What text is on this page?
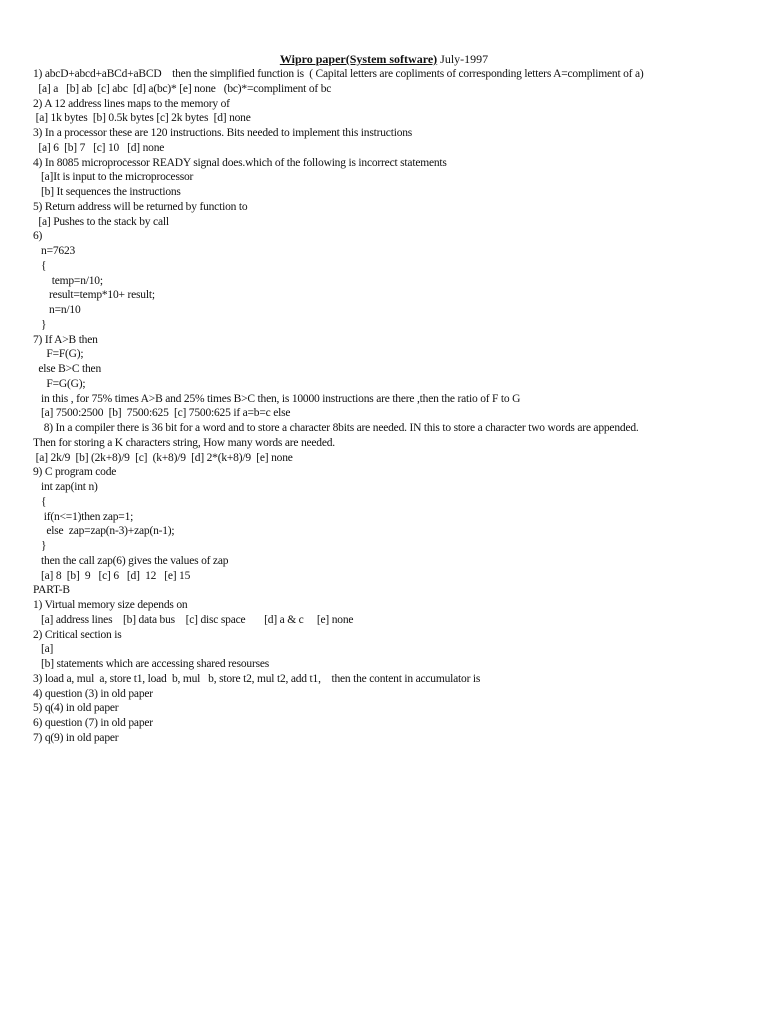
Wipro paper(System software) July-1997
1) abcD+abcd+aBCd+aBCD    then the simplified function is  ( Capital letters are copliments of corresponding letters A=compliment of a)
[a] a   [b] ab  [c] abc  [d] a(bc)* [e] none   (bc)*=compliment of bc
2) A 12 address lines maps to the memory of
[a] 1k bytes  [b] 0.5k bytes [c] 2k bytes  [d] none
3) In a processor these are 120 instructions. Bits needed to implement this instructions
[a] 6  [b] 7   [c] 10   [d] none
4) In 8085 microprocessor READY signal does.which of the following is incorrect statements
[a]It is input to the microprocessor
[b] It sequences the instructions
5) Return address will be returned by function to
[a] Pushes to the stack by call
6)
n=7623
{
temp=n/10;
result=temp*10+ result;
n=n/10
}
7) If A>B then
F=F(G);
else B>C then
F=G(G);
in this , for 75% times A>B and 25% times B>C then, is 10000 instructions are there ,then the ratio of F to G
[a] 7500:2500  [b]  7500:625  [c] 7500:625 if a=b=c else
8) In a compiler there is 36 bit for a word and to store a character 8bits are needed. IN this to store a character two words are appended.
Then for storing a K characters string, How many words are needed.
[a] 2k/9  [b] (2k+8)/9  [c]  (k+8)/9  [d] 2*(k+8)/9  [e] none
9) C program code
int zap(int n)
{
if(n<=1)then zap=1;
else  zap=zap(n-3)+zap(n-1);
}
then the call zap(6) gives the values of zap
[a] 8  [b]  9   [c] 6   [d]  12   [e] 15
PART-B
1) Virtual memory size depends on
[a] address lines    [b] data bus    [c] disc space       [d] a & c     [e] none
2) Critical section is
[a]
[b] statements which are accessing shared resourses
3) load a, mul  a, store t1, load  b, mul   b, store t2, mul t2, add t1,    then the content in accumulator is
4) question (3) in old paper
5) q(4) in old paper
6) question (7) in old paper
7) q(9) in old paper
